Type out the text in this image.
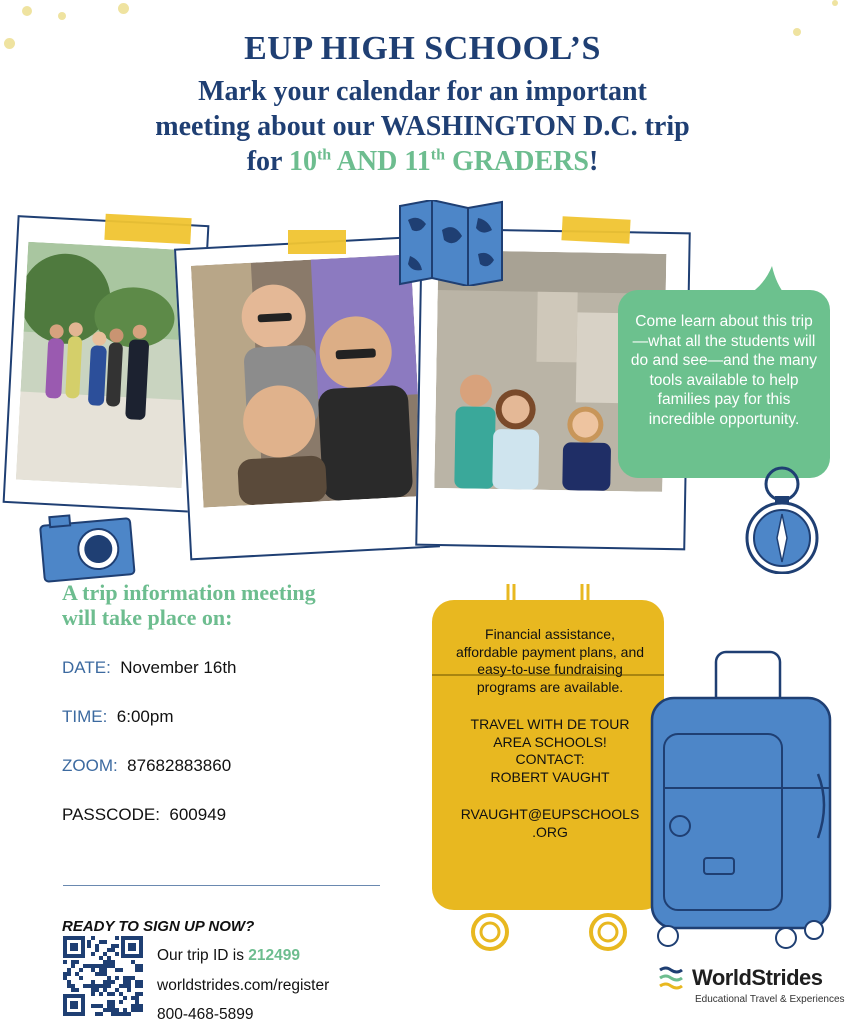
EUP HIGH SCHOOL’S
Mark your calendar for an important
meeting about our WASHINGTON D.C. trip
for 10th AND 11th GRADERS!
Come learn about this trip—what all the students will do and see—and the many tools available to help families pay for this incredible opportunity.
A trip information meeting
will take place on:
DATE: November 16th
TIME: 6:00pm
ZOOM: 87682883860
PASSCODE: 600949
READY TO SIGN UP NOW?
Our trip ID is 212499
worldstrides.com/register
800-468-5899
Financial assistance,
affordable payment plans, and
easy-to-use fundraising
programs are available.
TRAVEL WITH DE TOUR
AREA SCHOOLS!
CONTACT:
ROBERT VAUGHT
RVAUGHT@EUPSCHOOLS
.ORG
WorldStrides
Educational Travel & Experiences
